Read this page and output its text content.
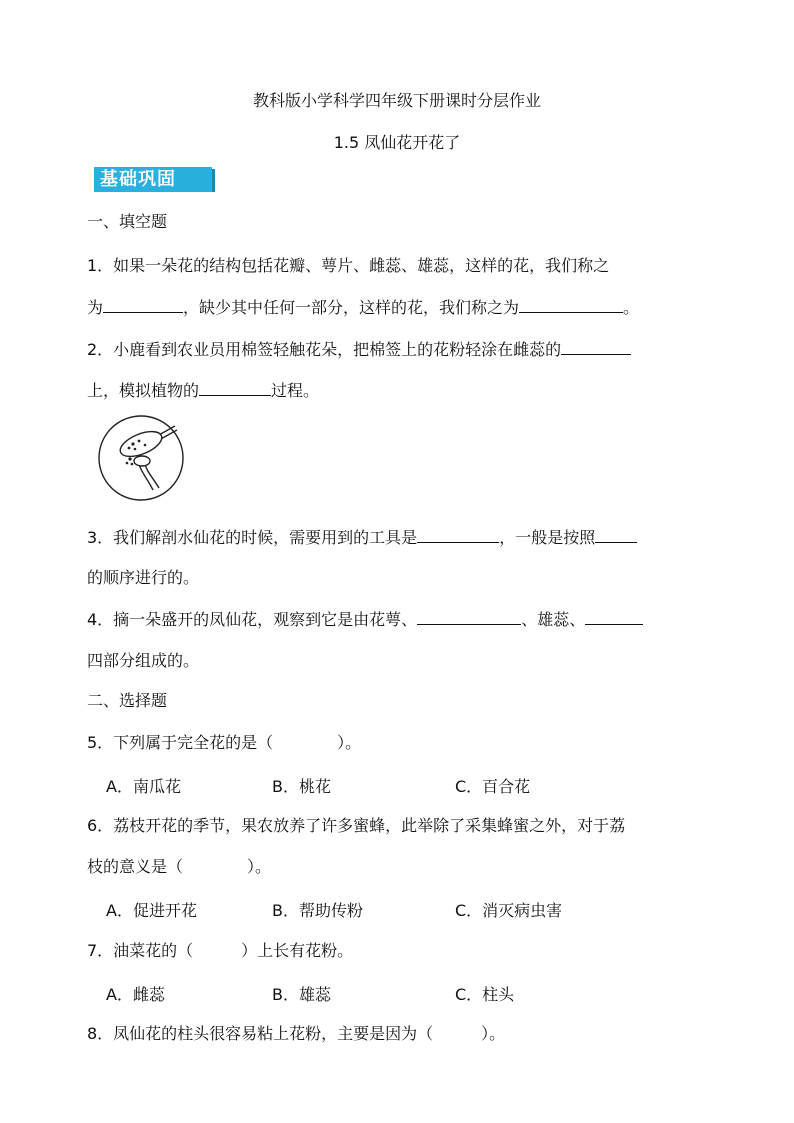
教科版小学科学四年级下册课时分层作业
1.5 凤仙花开花了
基础巩固
一、填空题
1．如果一朵花的结构包括花瓣、萼片、雌蕊、雄蕊，这样的花，我们称之
为	，缺少其中任何一部分，这样的花，我们称之为	。
2．小鹿看到农业员用棉签轻触花朵，把棉签上的花粉轻涂在雌蕊的
上，模拟植物的	过程。
3．我们解剖水仙花的时候，需要用到的工具是	，一般是按照
的顺序进行的。
4．摘一朵盛开的凤仙花，观察到它是由花萼、	、雄蕊、
四部分组成的。
二、选择题
5．下列属于完全花的是（　　　　）。
A．南瓜花	B．桃花	C．百合花
6．荔枝开花的季节，果农放养了许多蜜蜂，此举除了采集蜂蜜之外，对于荔
枝的意义是（　　　　）。
A．促进开花	B．帮助传粉	C．消灭病虫害
7．油菜花的（　　　）上长有花粉。
A．雌蕊	B．雄蕊	C．柱头
8．凤仙花的柱头很容易粘上花粉，主要是因为（　　　）。
